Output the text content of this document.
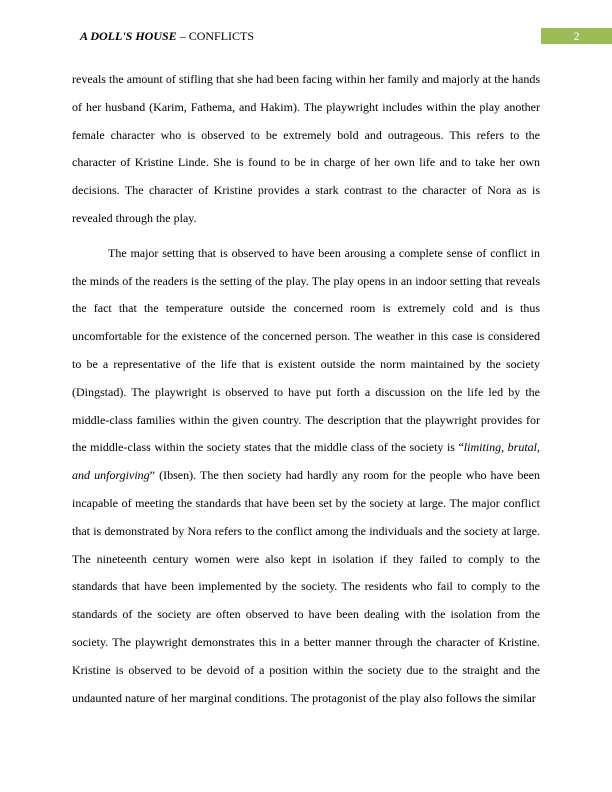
A DOLL'S HOUSE – CONFLICTS	2

reveals the amount of stifling that she had been facing within her family and majorly at the hands of her husband (Karim, Fathema, and Hakim). The playwright includes within the play another female character who is observed to be extremely bold and outrageous. This refers to the character of Kristine Linde. She is found to be in charge of her own life and to take her own decisions. The character of Kristine provides a stark contrast to the character of Nora as is revealed through the play.

The major setting that is observed to have been arousing a complete sense of conflict in the minds of the readers is the setting of the play. The play opens in an indoor setting that reveals the fact that the temperature outside the concerned room is extremely cold and is thus uncomfortable for the existence of the concerned person. The weather in this case is considered to be a representative of the life that is existent outside the norm maintained by the society (Dingstad). The playwright is observed to have put forth a discussion on the life led by the middle-class families within the given country. The description that the playwright provides for the middle-class within the society states that the middle class of the society is “limiting, brutal, and unforgiving” (Ibsen). The then society had hardly any room for the people who have been incapable of meeting the standards that have been set by the society at large. The major conflict that is demonstrated by Nora refers to the conflict among the individuals and the society at large. The nineteenth century women were also kept in isolation if they failed to comply to the standards that have been implemented by the society. The residents who fail to comply to the standards of the society are often observed to have been dealing with the isolation from the society. The playwright demonstrates this in a better manner through the character of Kristine. Kristine is observed to be devoid of a position within the society due to the straight and the undaunted nature of her marginal conditions. The protagonist of the play also follows the similar
